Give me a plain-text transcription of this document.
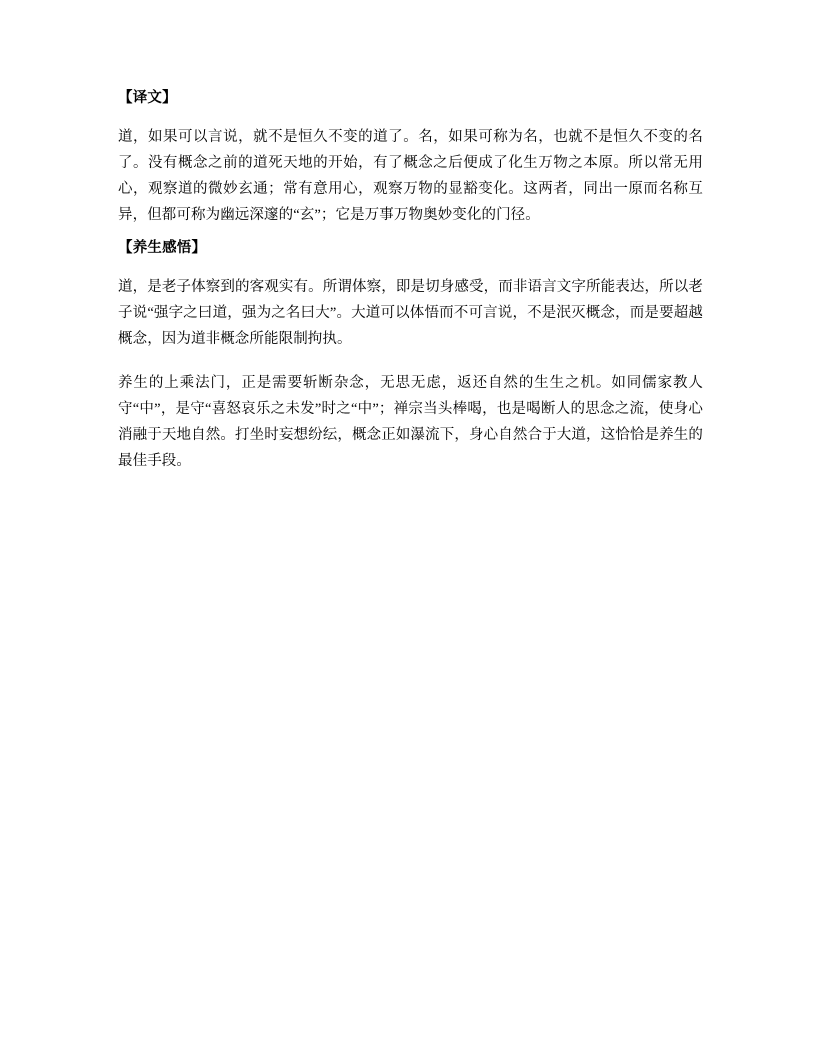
【译文】

道，如果可以言说，就不是恒久不变的道了。名，如果可称为名，也就不是恒久不变的名了。没有概念之前的道死天地的开始，有了概念之后便成了化生万物之本原。所以常无用心，观察道的微妙玄通；常有意用心，观察万物的显豁变化。这两者，同出一原而名称互异，但都可称为幽远深邃的“玄”；它是万事万物奥妙变化的门径。

【养生感悟】

道，是老子体察到的客观实有。所谓体察，即是切身感受，而非语言文字所能表达，所以老子说“强字之曰道，强为之名曰大”。大道可以体悟而不可言说，不是泯灭概念，而是要超越概念，因为道非概念所能限制拘执。

养生的上乘法门，正是需要斩断杂念，无思无虑，返还自然的生生之机。如同儒家教人守“中”，是守“喜怒哀乐之未发”时之“中”；禅宗当头棒喝，也是喝断人的思念之流，使身心消融于天地自然。打坐时妄想纷纭，概念正如瀑流下，身心自然合于大道，这恰恰是养生的最佳手段。
